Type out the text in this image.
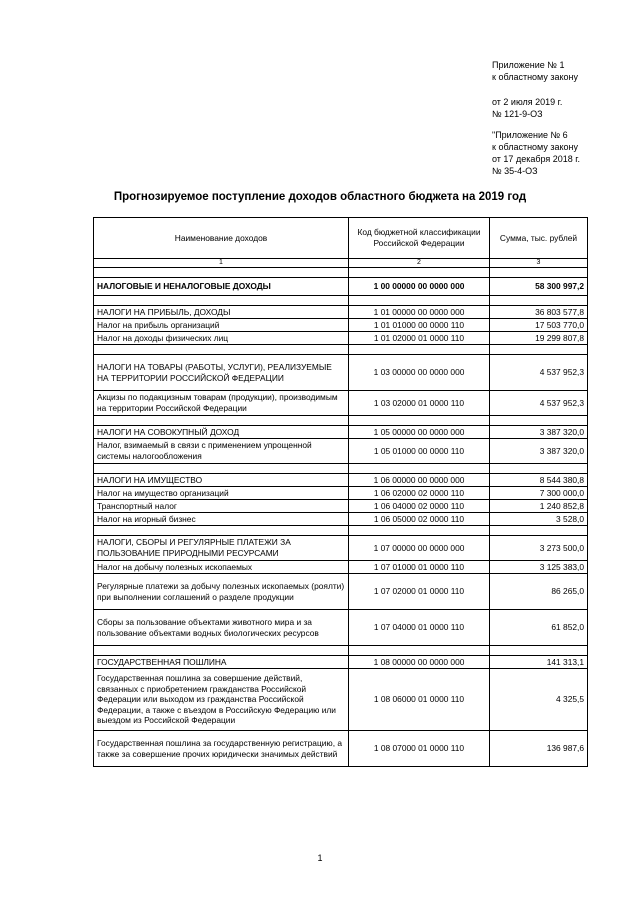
Приложение № 1
к областному закону
от 2 июля 2019 г.
№ 121-9-ОЗ
"Приложение № 6
к областному закону
от 17 декабря 2018 г.
№ 35-4-ОЗ
Прогнозируемое поступление доходов областного бюджета на 2019 год
Наименование доходов	Код бюджетной классификации Российской Федерации	Сумма, тыс. рублей
1	2	3

НАЛОГОВЫЕ И НЕНАЛОГОВЫЕ ДОХОДЫ	1 00 00000 00 0000 000	58 300 997,2

НАЛОГИ НА ПРИБЫЛЬ, ДОХОДЫ	1 01 00000 00 0000 000	36 803 577,8
Налог на прибыль организаций	1 01 01000 00 0000 110	17 503 770,0
Налог на доходы физических лиц	1 01 02000 01 0000 110	19 299 807,8

НАЛОГИ НА ТОВАРЫ (РАБОТЫ, УСЛУГИ), РЕАЛИЗУЕМЫЕ НА ТЕРРИТОРИИ РОССИЙСКОЙ ФЕДЕРАЦИИ	1 03 00000 00 0000 000	4 537 952,3
Акцизы по подакцизным товарам (продукции), производимым на территории Российской Федерации	1 03 02000 01 0000 110	4 537 952,3

НАЛОГИ НА СОВОКУПНЫЙ ДОХОД	1 05 00000 00 0000 000	3 387 320,0
Налог, взимаемый в связи с применением упрощенной системы налогообложения	1 05 01000 00 0000 110	3 387 320,0

НАЛОГИ НА ИМУЩЕСТВО	1 06 00000 00 0000 000	8 544 380,8
Налог на имущество организаций	1 06 02000 02 0000 110	7 300 000,0
Транспортный налог	1 06 04000 02 0000 110	1 240 852,8
Налог на игорный бизнес	1 06 05000 02 0000 110	3 528,0

НАЛОГИ, СБОРЫ И РЕГУЛЯРНЫЕ ПЛАТЕЖИ ЗА ПОЛЬЗОВАНИЕ ПРИРОДНЫМИ РЕСУРСАМИ	1 07 00000 00 0000 000	3 273 500,0
Налог на добычу полезных ископаемых	1 07 01000 01 0000 110	3 125 383,0
Регулярные платежи за добычу полезных ископаемых (роялти) при выполнении соглашений о разделе продукции	1 07 02000 01 0000 110	86 265,0
Сборы за пользование объектами животного мира и за пользование объектами водных биологических ресурсов	1 07 04000 01 0000 110	61 852,0

ГОСУДАРСТВЕННАЯ ПОШЛИНА	1 08 00000 00 0000 000	141 313,1
Государственная пошлина за совершение действий, связанных с приобретением гражданства Российской Федерации или выходом из гражданства Российской Федерации, а также с въездом в Российскую Федерацию или выездом из Российской Федерации	1 08 06000 01 0000 110	4 325,5
Государственная пошлина за государственную регистрацию, а также за совершение прочих юридически значимых действий	1 08 07000 01 0000 110	136 987,6
1
